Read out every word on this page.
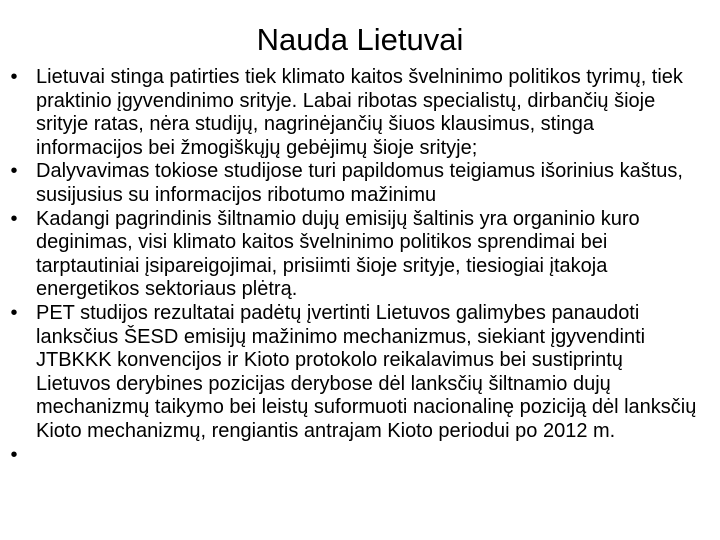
Nauda Lietuvai
• Lietuvai stinga patirties tiek klimato kaitos švelninimo politikos tyrimų, tiek praktinio įgyvendinimo srityje. Labai ribotas specialistų, dirbančių šioje srityje ratas, nėra studijų, nagrinėjančių šiuos klausimus, stinga informacijos bei žmogiškųjų gebėjimų šioje srityje;
• Dalyvavimas tokiose studijose turi papildomus teigiamus išorinius kaštus, susijusius su informacijos ribotumo mažinimu
• Kadangi pagrindinis šiltnamio dujų emisijų šaltinis yra organinio kuro deginimas, visi klimato kaitos švelninimo politikos sprendimai bei tarptautiniai įsipareigojimai, prisiimti šioje srityje, tiesiogiai įtakoja energetikos sektoriaus plėtrą.
• PET studijos rezultatai padėtų įvertinti Lietuvos galimybes panaudoti lanksčius ŠESD emisijų mažinimo mechanizmus, siekiant įgyvendinti JTBKKK konvencijos ir Kioto protokolo reikalavimus bei sustiprintų Lietuvos derybines pozicijas derybose dėl lanksčių šiltnamio dujų mechanizmų taikymo bei leistų suformuoti nacionalinę poziciją dėl lanksčių Kioto mechanizmų, rengiantis antrajam Kioto periodui po 2012 m.
•
